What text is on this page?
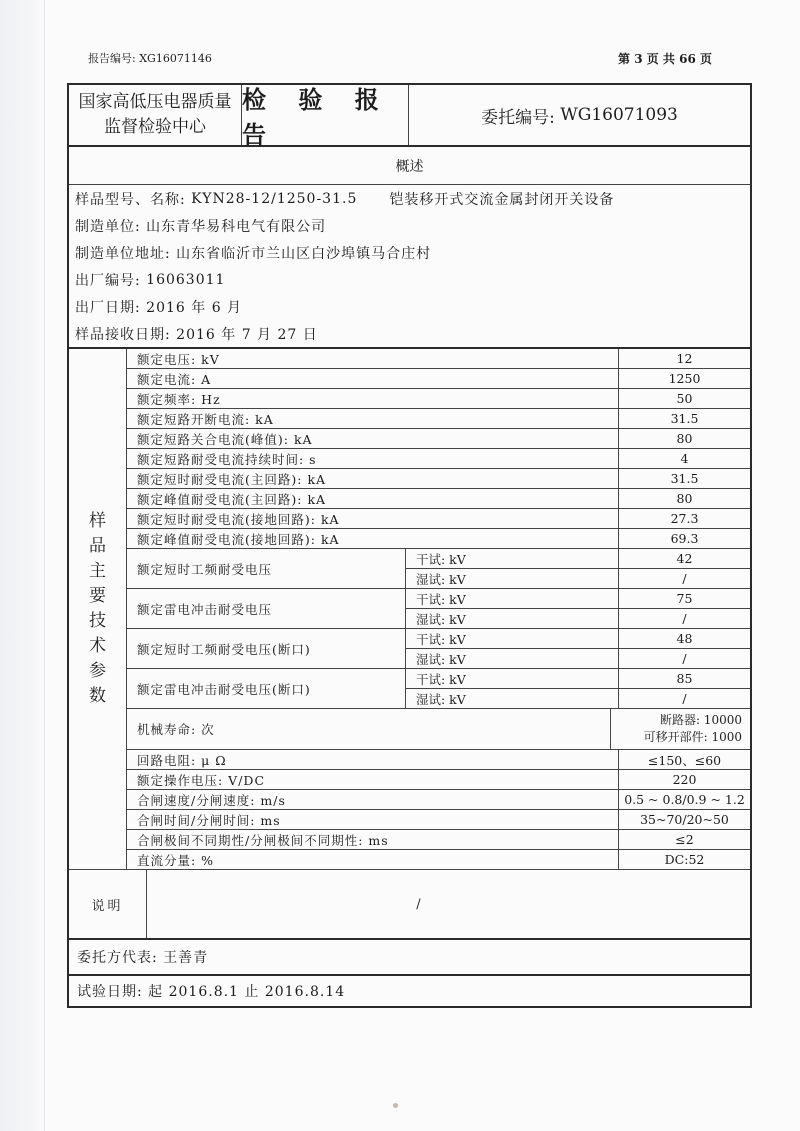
报告编号: XG16071146	第 3 页 共 66 页
国家高低压电器质量
监督检验中心
检 验 报 告
委托编号:
WG16071093
概述
样品型号、名称:
KYN28-12/1250-31.5 铠装移开式交流金属封闭开关设备
制造单位:
山东青华易科电气有限公司
制造单位地址:
山东省临沂市兰山区白沙埠镇马合庄村
出厂编号:
16063011
出厂日期:
2016 年 6 月
样品接收日期:
2016 年 7 月 27 日
样
品
主
要
技
术
参
数
额定电压: kV	12
额定电流: A	1250
额定频率: Hz	50
额定短路开断电流: kA	31.5
额定短路关合电流(峰值): kA	80
额定短路耐受电流持续时间: s	4
额定短时耐受电流(主回路): kA	31.5
额定峰值耐受电流(主回路): kA	80
额定短时耐受电流(接地回路): kA	27.3
额定峰值耐受电流(接地回路): kA	69.3
额定短时工频耐受电压
干试: kV	42
湿试: kV	/
额定雷电冲击耐受电压
干试: kV	75
湿试: kV	/
额定短时工频耐受电压(断口)
干试: kV	48
湿试: kV	/
额定雷电冲击耐受电压(断口)
干试: kV	85
湿试: kV	/
机械寿命: 次
断路器: 10000
可移开部件: 1000
回路电阻: μ Ω	≤150、≤60
额定操作电压: V/DC	220
合闸速度/分闸速度: m/s	0.5 ~ 0.8/0.9 ~ 1.2
合闸时间/分闸时间: ms	35~70/20~50
合闸极间不同期性/分闸极间不同期性: ms	≤2
直流分量: %	DC:52
说明	/
委托方代表: 王善青
试验日期: 起 2016.8.1 止 2016.8.14
